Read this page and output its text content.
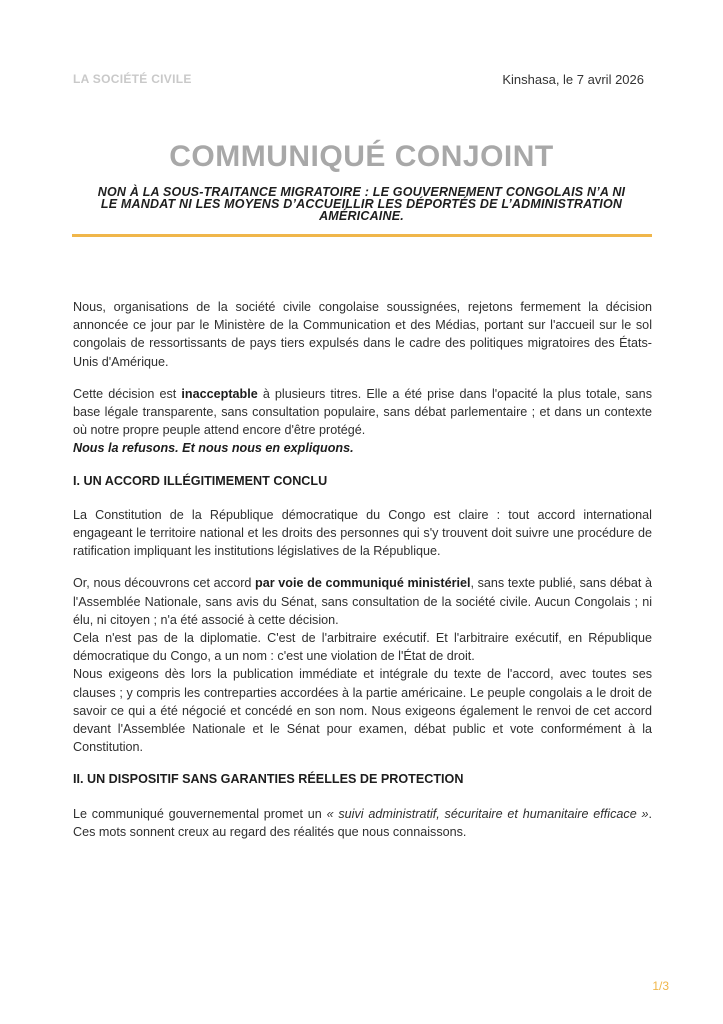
LA SOCIÉTÉ CIVILE	Kinshasa, le 7 avril 2026
COMMUNIQUÉ CONJOINT
NON À LA SOUS-TRAITANCE MIGRATOIRE : LE GOUVERNEMENT CONGOLAIS N’A NI LE MANDAT NI LES MOYENS D’ACCUEILLIR LES DÉPORTÉS DE L’ADMINISTRATION AMÉRICAINE.

Nous, organisations de la société civile congolaise soussignées, rejetons fermement la décision annoncée ce jour par le Ministère de la Communication et des Médias, portant sur l'accueil sur le sol congolais de ressortissants de pays tiers expulsés dans le cadre des politiques migratoires des États-Unis d'Amérique.

Cette décision est inacceptable à plusieurs titres. Elle a été prise dans l'opacité la plus totale, sans base légale transparente, sans consultation populaire, sans débat parlementaire ; et dans un contexte où notre propre peuple attend encore d'être protégé.

Nous la refusons. Et nous nous en expliquons.

I. UN ACCORD ILLÉGITIMEMENT CONCLU

La Constitution de la République démocratique du Congo est claire : tout accord international engageant le territoire national et les droits des personnes qui s'y trouvent doit suivre une procédure de ratification impliquant les institutions législatives de la République.

Or, nous découvrons cet accord par voie de communiqué ministériel, sans texte publié, sans débat à l'Assemblée Nationale, sans avis du Sénat, sans consultation de la société civile. Aucun Congolais ; ni élu, ni citoyen ; n'a été associé à cette décision.

Cela n'est pas de la diplomatie. C'est de l'arbitraire exécutif. Et l'arbitraire exécutif, en République démocratique du Congo, a un nom : c'est une violation de l'État de droit.

Nous exigeons dès lors la publication immédiate et intégrale du texte de l'accord, avec toutes ses clauses ; y compris les contreparties accordées à la partie américaine. Le peuple congolais a le droit de savoir ce qui a été négocié et concédé en son nom. Nous exigeons également le renvoi de cet accord devant l'Assemblée Nationale et le Sénat pour examen, débat public et vote conformément à la Constitution.

II. UN DISPOSITIF SANS GARANTIES RÉELLES DE PROTECTION

Le communiqué gouvernemental promet un « suivi administratif, sécuritaire et humanitaire efficace ». Ces mots sonnent creux au regard des réalités que nous connaissons.

1/3
